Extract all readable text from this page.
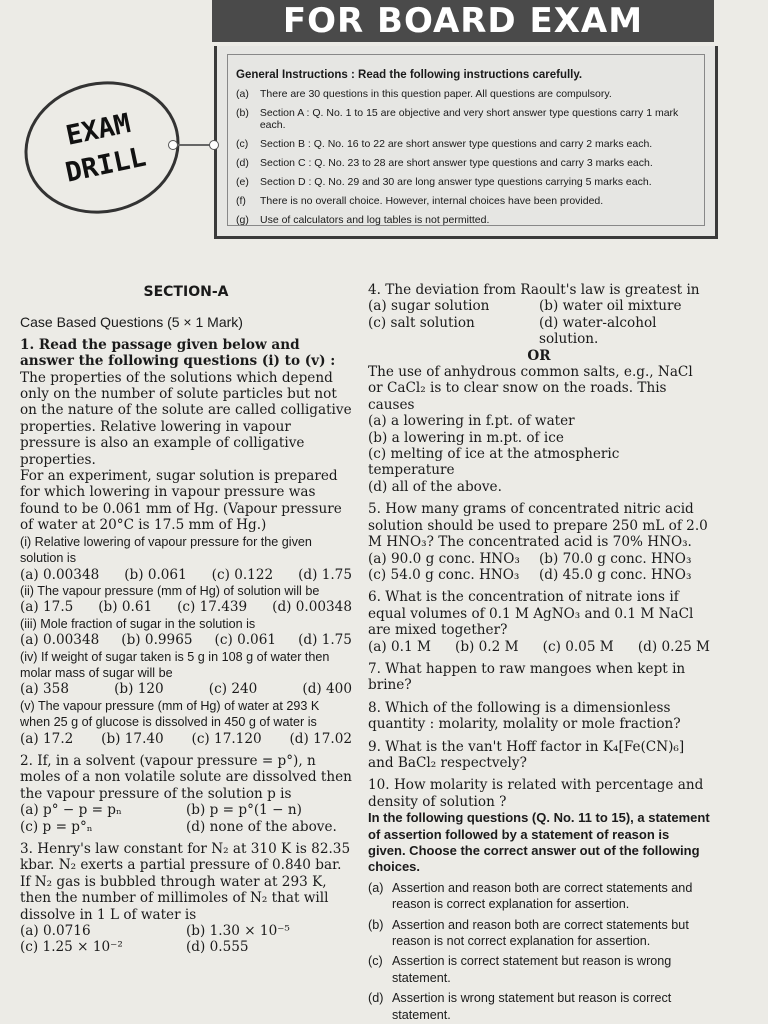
FOR BOARD EXAM
General Instructions : Read the following instructions carefully.
(a)	There are 30 questions in this question paper. All questions are compulsory.
(b)	Section A : Q. No. 1 to 15 are objective and very short answer type questions carry 1 mark each.
(c)	Section B : Q. No. 16 to 22 are short answer type questions and carry 2 marks each.
(d)	Section C : Q. No. 23 to 28 are short answer type questions and carry 3 marks each.
(e)	Section D : Q. No. 29 and 30 are long answer type questions carrying 5 marks each.
(f)	There is no overall choice. However, internal choices have been provided.
(g)	Use of calculators and log tables is not permitted.
EXAM
DRILL

SECTION-A

Case Based Questions (5 × 1 Mark)

1. Read the passage given below and answer the following questions (i) to (v) :

The properties of the solutions which depend only on the number of solute particles but not on the nature of the solute are called colligative properties. Relative lowering in vapour pressure is also an example of colligative properties.

For an experiment, sugar solution is prepared for which lowering in vapour pressure was found to be 0.061 mm of Hg. (Vapour pressure of water at 20°C is 17.5 mm of Hg.)

(i) Relative lowering of vapour pressure for the given solution is

(a) 0.00348 (b) 0.061 (c) 0.122 (d) 1.75

(ii) The vapour pressure (mm of Hg) of solution will be

(a) 17.5 (b) 0.61 (c) 17.439 (d) 0.00348

(iii) Mole fraction of sugar in the solution is

(a) 0.00348 (b) 0.9965 (c) 0.061 (d) 1.75

(iv) If weight of sugar taken is 5 g in 108 g of water then molar mass of sugar will be

(a) 358	(b) 120	(c) 240	(d) 400

(v) The vapour pressure (mm of Hg) of water at 293 K when 25 g of glucose is dissolved in 450 g of water is

(a) 17.2 (b) 17.40 (c) 17.120 (d) 17.02

2. If, in a solvent (vapour pressure = p°), n moles of a non volatile solute are dissolved then the vapour pressure of the solution p is

(a) p° − p = pₙ	(b) p = p°(1 − n)
(c) p = p°ₙ	(d) none of the above.

3. Henry's law constant for N₂ at 310 K is 82.35 kbar. N₂ exerts a partial pressure of 0.840 bar. If N₂ gas is bubbled through water at 293 K, then the number of millimoles of N₂ that will dissolve in 1 L of water is

(a) 0.0716	(b) 1.30 × 10⁻⁵
(c) 1.25 × 10⁻²	(d) 0.555

4. The deviation from Raoult's law is greatest in

(a) sugar solution	(b) water oil mixture
(c) salt solution	(d) water-alcohol solution.

OR

The use of anhydrous common salts, e.g., NaCl or CaCl₂ is to clear snow on the roads. This causes

(a) a lowering in f.pt. of water

(b) a lowering in m.pt. of ice

(c) melting of ice at the atmospheric temperature

(d) all of the above.

5. How many grams of concentrated nitric acid solution should be used to prepare 250 mL of 2.0 M HNO₃? The concentrated acid is 70% HNO₃.

(a) 90.0 g conc. HNO₃	(b) 70.0 g conc. HNO₃
(c) 54.0 g conc. HNO₃	(d) 45.0 g conc. HNO₃

6. What is the concentration of nitrate ions if equal volumes of 0.1 M AgNO₃ and 0.1 M NaCl are mixed together?

(a) 0.1 M (b) 0.2 M (c) 0.05 M (d) 0.25 M

7. What happen to raw mangoes when kept in brine?

8. Which of the following is a dimensionless quantity : molarity, molality or mole fraction?

9. What is the van't Hoff factor in K₄[Fe(CN)₆] and BaCl₂ respectvely?

10. How molarity is related with percentage and density of solution ?

In the following questions (Q. No. 11 to 15), a statement of assertion followed by a statement of reason is given. Choose the correct answer out of the following choices.

(a) Assertion and reason both are correct statements and reason is correct explanation for assertion.
(b) Assertion and reason both are correct statements but reason is not correct explanation for assertion.
(c) Assertion is correct statement but reason is wrong statement.
(d) Assertion is wrong statement but reason is correct statement.
